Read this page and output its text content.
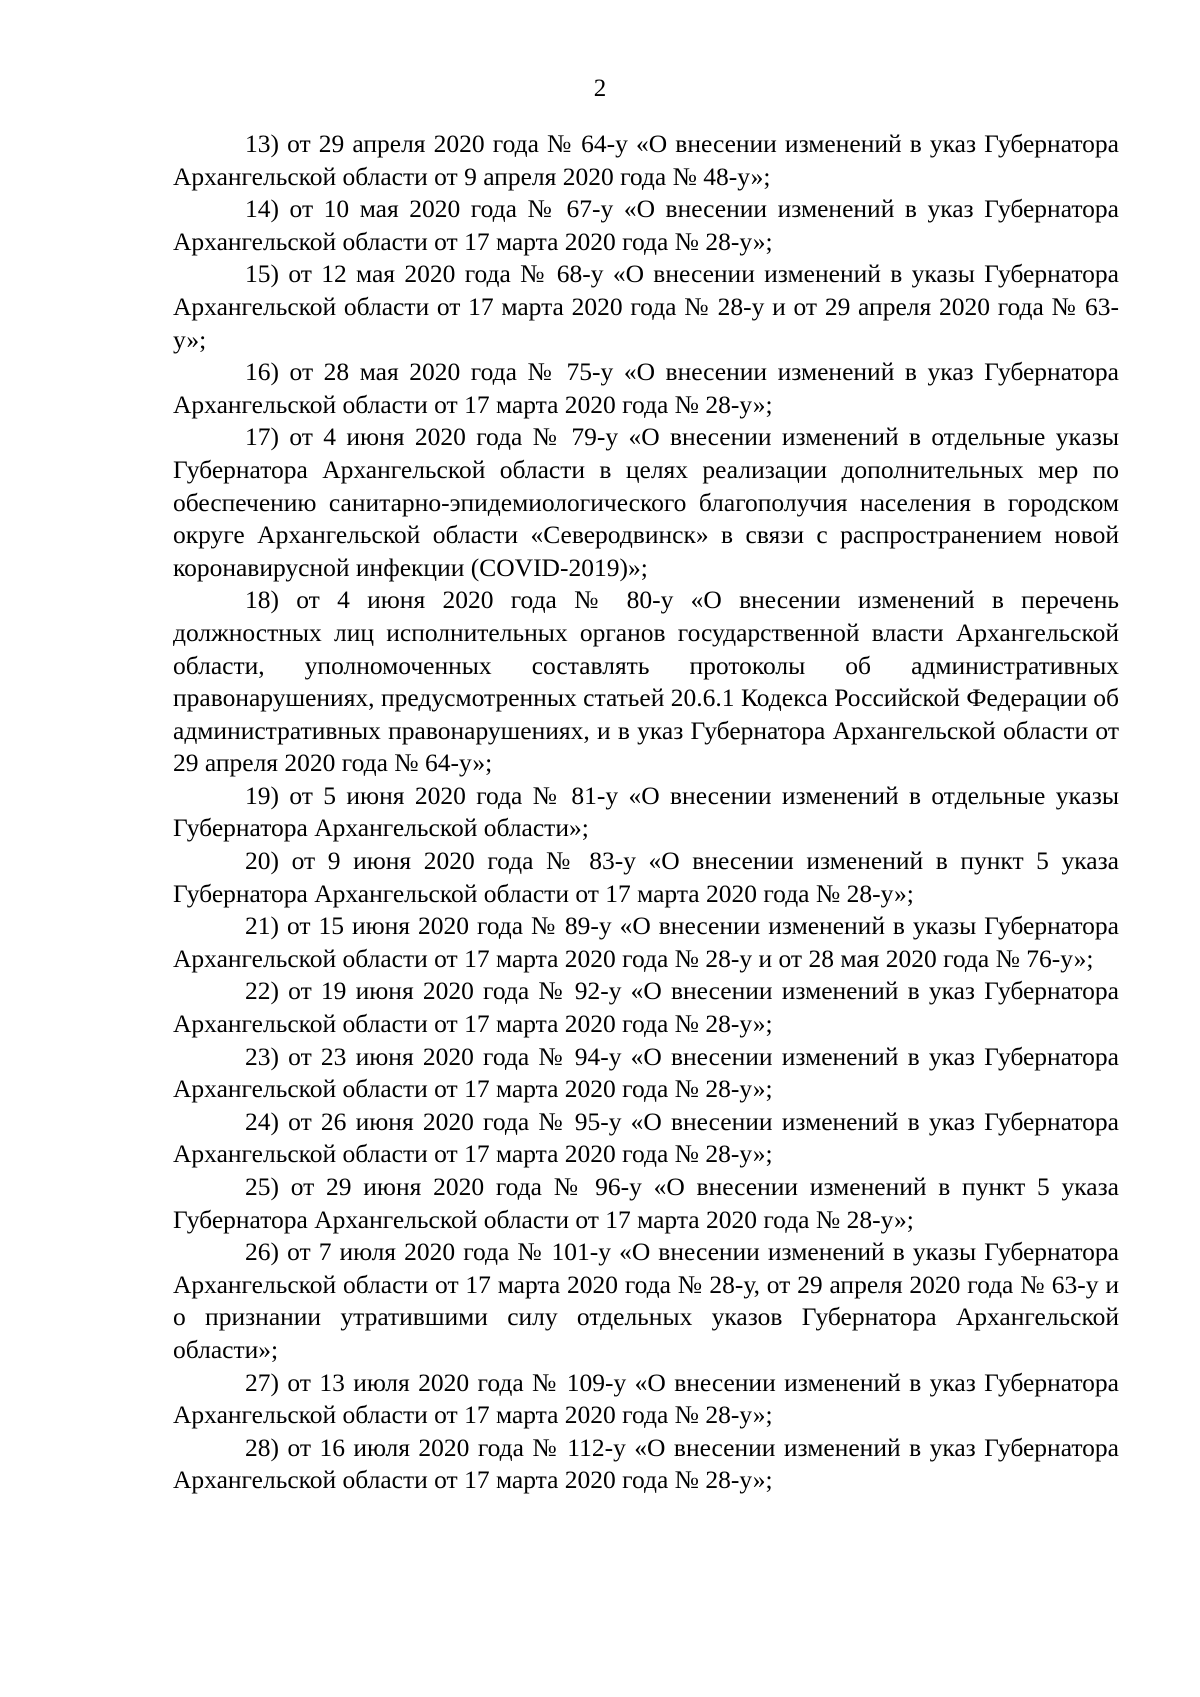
2

13) от 29 апреля 2020 года № 64-у «О внесении изменений в указ Губернатора Архангельской области от 9 апреля 2020 года № 48-у»;

14) от 10 мая 2020 года № 67-у «О внесении изменений в указ Губернатора Архангельской области от 17 марта 2020 года № 28-у»;

15) от 12 мая 2020 года № 68-у «О внесении изменений в указы Губернатора Архангельской области от 17 марта 2020 года № 28-у и от 29 апреля 2020 года № 63-у»;

16) от 28 мая 2020 года № 75-у «О внесении изменений в указ Губернатора Архангельской области от 17 марта 2020 года № 28-у»;

17) от 4 июня 2020 года № 79-у «О внесении изменений в отдельные указы Губернатора Архангельской области в целях реализации дополнительных мер по обеспечению санитарно-эпидемиологического благополучия населения в городском округе Архангельской области «Северодвинск» в связи с распространением новой коронавирусной инфекции (COVID-2019)»;

18) от 4 июня 2020 года № 80-у «О внесении изменений в перечень должностных лиц исполнительных органов государственной власти Архангельской области, уполномоченных составлять протоколы об административных правонарушениях, предусмотренных статьей 20.6.1 Кодекса Российской Федерации об административных правонарушениях, и в указ Губернатора Архангельской области от 29 апреля 2020 года № 64-у»;

19) от 5 июня 2020 года № 81-у «О внесении изменений в отдельные указы Губернатора Архангельской области»;

20) от 9 июня 2020 года № 83-у «О внесении изменений в пункт 5 указа Губернатора Архангельской области от 17 марта 2020 года № 28-у»;

21) от 15 июня 2020 года № 89-у «О внесении изменений в указы Губернатора Архангельской области от 17 марта 2020 года № 28-у и от 28 мая 2020 года № 76-у»;

22) от 19 июня 2020 года № 92-у «О внесении изменений в указ Губернатора Архангельской области от 17 марта 2020 года № 28-у»;

23) от 23 июня 2020 года № 94-у «О внесении изменений в указ Губернатора Архангельской области от 17 марта 2020 года № 28-у»;

24) от 26 июня 2020 года № 95-у «О внесении изменений в указ Губернатора Архангельской области от 17 марта 2020 года № 28-у»;

25) от 29 июня 2020 года № 96-у «О внесении изменений в пункт 5 указа Губернатора Архангельской области от 17 марта 2020 года № 28-у»;

26) от 7 июля 2020 года № 101-у «О внесении изменений в указы Губернатора Архангельской области от 17 марта 2020 года № 28-у, от 29 апреля 2020 года № 63-у и о признании утратившими силу отдельных указов Губернатора Архангельской области»;

27) от 13 июля 2020 года № 109-у «О внесении изменений в указ Губернатора Архангельской области от 17 марта 2020 года № 28-у»;

28) от 16 июля 2020 года № 112-у «О внесении изменений в указ Губернатора Архангельской области от 17 марта 2020 года № 28-у»;
